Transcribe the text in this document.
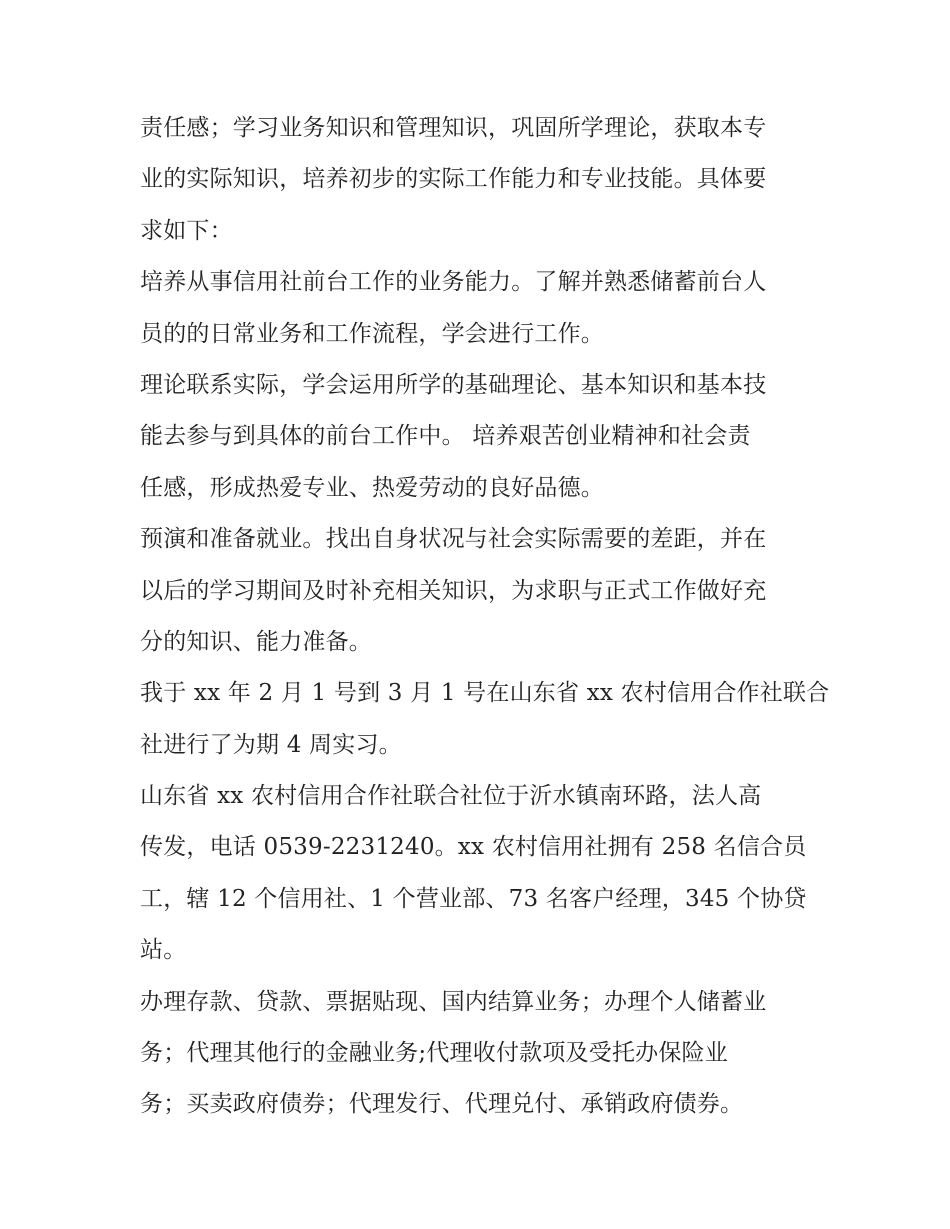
责任感；学习业务知识和管理知识，巩固所学理论，获取本专
业的实际知识，培养初步的实际工作能力和专业技能。具体要
求如下：
培养从事信用社前台工作的业务能力。了解并熟悉储蓄前台人
员的的日常业务和工作流程，学会进行工作。
理论联系实际，学会运用所学的基础理论、基本知识和基本技
能去参与到具体的前台工作中。 培养艰苦创业精神和社会责
任感，形成热爱专业、热爱劳动的良好品德。
预演和准备就业。找出自身状况与社会实际需要的差距，并在
以后的学习期间及时补充相关知识，为求职与正式工作做好充
分的知识、能力准备。
我于 xx 年 2 月 1 号到 3 月 1 号在山东省 xx 农村信用合作社联合
社进行了为期 4 周实习。
山东省 xx 农村信用合作社联合社位于沂水镇南环路，法人高
传发，电话 0539-2231240。xx 农村信用社拥有 258 名信合员
工，辖 12 个信用社、1 个营业部、73 名客户经理，345 个协贷
站。
办理存款、贷款、票据贴现、国内结算业务；办理个人储蓄业
务；代理其他行的金融业务;代理收付款项及受托办保险业
务；买卖政府债券；代理发行、代理兑付、承销政府债券。
